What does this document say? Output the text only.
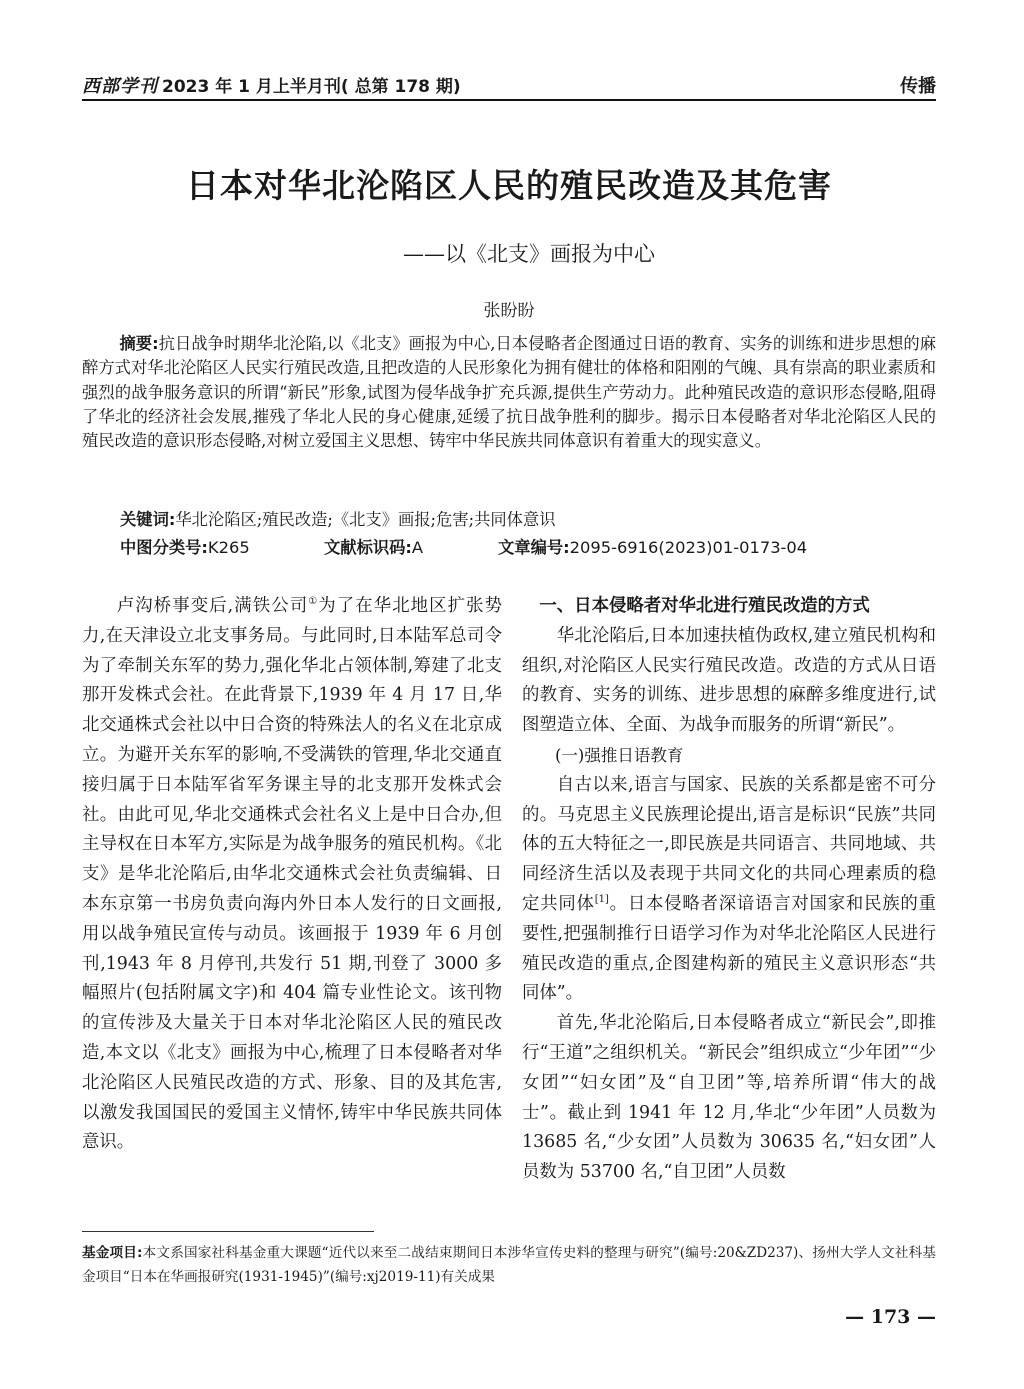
西部学刊 2023 年 1 月上半月刊( 总第 178 期)	传播
日本对华北沦陷区人民的殖民改造及其危害
——以《北支》画报为中心
张盼盼
摘要:抗日战争时期华北沦陷,以《北支》画报为中心,日本侵略者企图通过日语的教育、实务的训练和进步思想的麻醉方式对华北沦陷区人民实行殖民改造,且把改造的人民形象化为拥有健壮的体格和阳刚的气魄、具有崇高的职业素质和强烈的战争服务意识的所谓“新民”形象,试图为侵华战争扩充兵源,提供生产劳动力。此种殖民改造的意识形态侵略,阻碍了华北的经济社会发展,摧残了华北人民的身心健康,延缓了抗日战争胜利的脚步。揭示日本侵略者对华北沦陷区人民的殖民改造的意识形态侵略,对树立爱国主义思想、铸牢中华民族共同体意识有着重大的现实意义。
关键词:华北沦陷区;殖民改造;《北支》画报;危害;共同体意识
中图分类号:K265	文献标识码:A	文章编号:2095-6916(2023)01-0173-04

卢沟桥事变后,满铁公司①为了在华北地区扩张势力,在天津设立北支事务局。与此同时,日本陆军总司令为了牵制关东军的势力,强化华北占领体制,筹建了北支那开发株式会社。在此背景下,1939 年 4 月 17 日,华北交通株式会社以中日合资的特殊法人的名义在北京成立。为避开关东军的影响,不受满铁的管理,华北交通直接归属于日本陆军省军务课主导的北支那开发株式会社。由此可见,华北交通株式会社名义上是中日合办,但主导权在日本军方,实际是为战争服务的殖民机构。《北支》是华北沦陷后,由华北交通株式会社负责编辑、日本东京第一书房负责向海内外日本人发行的日文画报,用以战争殖民宣传与动员。该画报于 1939 年 6 月创刊,1943 年 8 月停刊,共发行 51 期,刊登了 3000 多幅照片(包括附属文字)和 404 篇专业性论文。该刊物的宣传涉及大量关于日本对华北沦陷区人民的殖民改造,本文以《北支》画报为中心,梳理了日本侵略者对华北沦陷区人民殖民改造的方式、形象、目的及其危害,以激发我国国民的爱国主义情怀,铸牢中华民族共同体意识。

一、日本侵略者对华北进行殖民改造的方式

华北沦陷后,日本加速扶植伪政权,建立殖民机构和组织,对沦陷区人民实行殖民改造。改造的方式从日语的教育、实务的训练、进步思想的麻醉多维度进行,试图塑造立体、全面、为战争而服务的所谓“新民”。

(一)强推日语教育

自古以来,语言与国家、民族的关系都是密不可分的。马克思主义民族理论提出,语言是标识“民族”共同体的五大特征之一,即民族是共同语言、共同地域、共同经济生活以及表现于共同文化的共同心理素质的稳定共同体[1]。日本侵略者深谙语言对国家和民族的重要性,把强制推行日语学习作为对华北沦陷区人民进行殖民改造的重点,企图建构新的殖民主义意识形态“共同体”。

首先,华北沦陷后,日本侵略者成立“新民会”,即推行“王道”之组织机关。“新民会”组织成立“少年团”“少女团”“妇女团”及“自卫团”等,培养所谓“伟大的战士”。截止到 1941 年 12 月,华北“少年团”人员数为 13685 名,“少女团”人员数为 30635 名,“妇女团”人员数为 53700 名,“自卫团”人员数

基金项目:本文系国家社科基金重大课题“近代以来至二战结束期间日本涉华宣传史料的整理与研究”(编号:20&ZD237)、扬州大学人文社科基金项目“日本在华画报研究(1931-1945)”(编号:xj2019-11)有关成果
— 173 —
